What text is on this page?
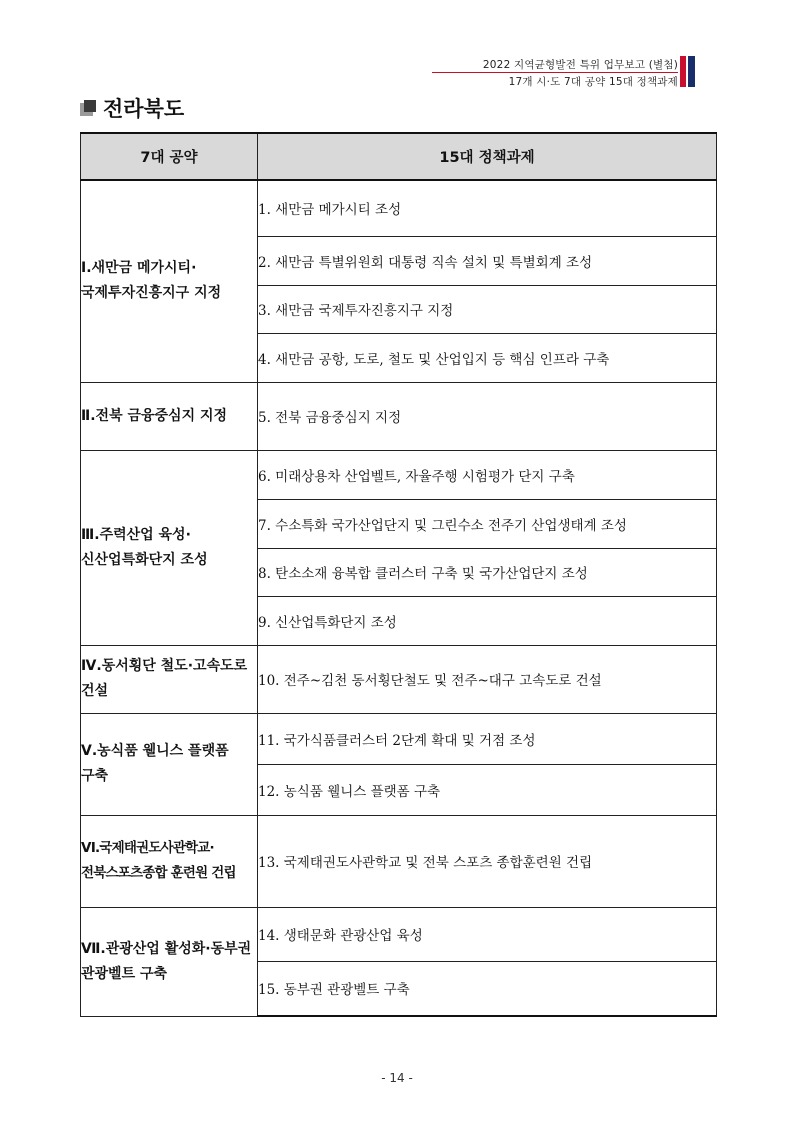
2022 지역균형발전 특위 업무보고 (별첨)
17개 시·도 7대 공약 15대 정책과제
전라북도
7대 공약	15대 정책과제
Ⅰ.새만금 메가시티·국제투자진흥지구 지정	1. 새만금 메가시티 조성
	2. 새만금 특별위원회 대통령 직속 설치 및 특별회계 조성
	3. 새만금 국제투자진흥지구 지정
	4. 새만금 공항, 도로, 철도 및 산업입지 등 핵심 인프라 구축
Ⅱ.전북 금융중심지 지정	5. 전북 금융중심지 지정
Ⅲ.주력산업 육성·신산업특화단지 조성	6. 미래상용차 산업벨트, 자율주행 시험평가 단지 구축
	7. 수소특화 국가산업단지 및 그린수소 전주기 산업생태계 조성
	8. 탄소소재 융복합 클러스터 구축 및 국가산업단지 조성
	9. 신산업특화단지 조성
Ⅳ.동서횡단 철도·고속도로 건설	10. 전주~김천 동서횡단철도 및 전주~대구 고속도로 건설
Ⅴ.농식품 웰니스 플랫폼 구축	11. 국가식품클러스터 2단계 확대 및 거점 조성
	12. 농식품 웰니스 플랫폼 구축
Ⅵ.국제태권도사관학교·전북스포츠종합 훈련원 건립	13. 국제태권도사관학교 및 전북 스포츠 종합훈련원 건립
Ⅶ.관광산업 활성화·동부권 관광벨트 구축	14. 생태문화 관광산업 육성
	15. 동부권 관광벨트 구축
- 14 -
